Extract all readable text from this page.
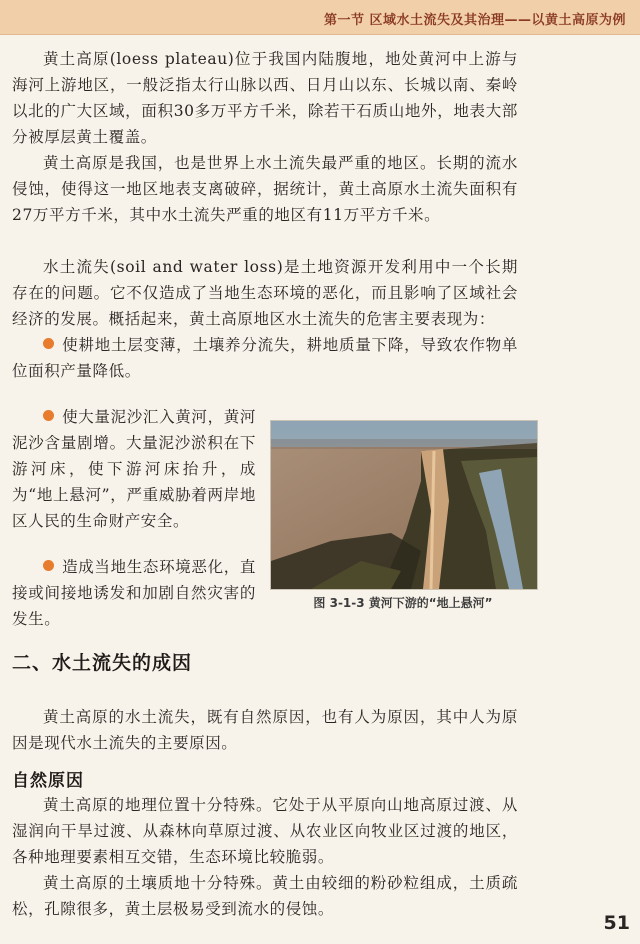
第一节 区域水土流失及其治理——以黄土高原为例

黄土高原(loess plateau)位于我国内陆腹地，地处黄河中上游与海河上游地区，一般泛指太行山脉以西、日月山以东、长城以南、秦岭以北的广大区域，面积30多万平方千米，除若干石质山地外，地表大部分被厚层黄土覆盖。

黄土高原是我国，也是世界上水土流失最严重的地区。长期的流水侵蚀，使得这一地区地表支离破碎，据统计，黄土高原水土流失面积有27万平方千米，其中水土流失严重的地区有11万平方千米。

水土流失(soil and water loss)是土地资源开发利用中一个长期存在的问题。它不仅造成了当地生态环境的恶化，而且影响了区域社会经济的发展。概括起来，黄土高原地区水土流失的危害主要表现为：

使耕地土层变薄，土壤养分流失，耕地质量下降，导致农作物单位面积产量降低。
使大量泥沙汇入黄河，黄河泥沙含量剧增。大量泥沙淤积在下游河床，使下游河床抬升，成为“地上悬河”，严重威胁着两岸地区人民的生命财产安全。
造成当地生态环境恶化，直接或间接地诱发和加剧自然灾害的发生。
图 3-1-3 黄河下游的“地上悬河”
二、水土流失的成因

黄土高原的水土流失，既有自然原因，也有人为原因，其中人为原因是现代水土流失的主要原因。

自然原因

黄土高原的地理位置十分特殊。它处于从平原向山地高原过渡、从湿润向干旱过渡、从森林向草原过渡、从农业区向牧业区过渡的地区，各种地理要素相互交错，生态环境比较脆弱。

黄土高原的土壤质地十分特殊。黄土由较细的粉砂粒组成，土质疏松，孔隙很多，黄土层极易受到流水的侵蚀。

51
